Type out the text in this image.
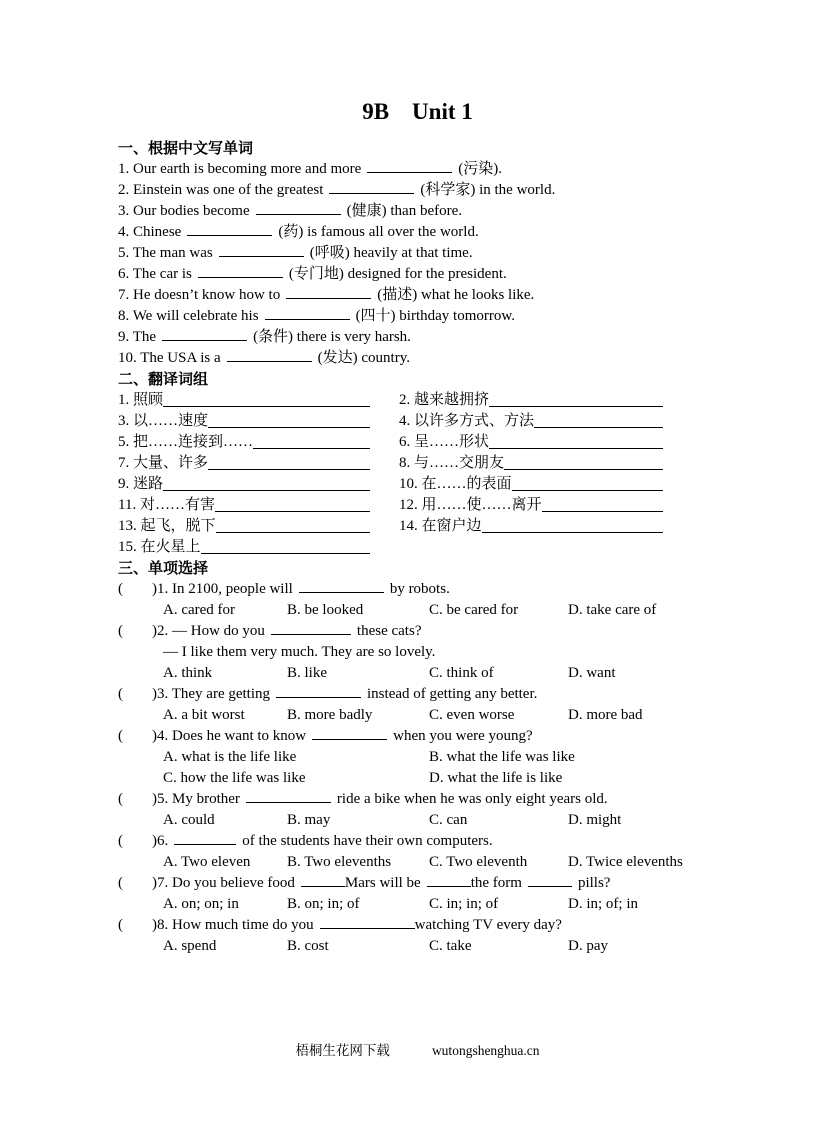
9B　Unit 1
一、根据中文写单词
1. Our earth is becoming more and more	(污染).
2. Einstein was one of the greatest	(科学家) in the world.
3. Our bodies become	(健康) than before.
4. Chinese	(药) is famous all over the world.
5. The man was	(呼吸) heavily at that time.
6. The car is	(专门地) designed for the president.
7. He doesn’t know how to	(描述) what he looks like.
8. We will celebrate his	(四十) birthday tomorrow.
9. The	(条件) there is very harsh.
10. The USA is a	(发达) country.
二、翻译词组
1. 照顾	2. 越来越拥挤
3. 以……速度	4. 以许多方式、方法
5. 把……连接到……	6. 呈……形状
7. 大量、许多	8. 与……交朋友
9. 迷路	10. 在……的表面
11. 对……有害	12. 用……使……离开
13. 起飞，脱下	14. 在窗户边
15. 在火星上
三、单项选择
(	)1. In 2100, people will	by robots.
A. cared for	B. be looked	C. be cared for	D. take care of
(	)2. — How do you	these cats?
— I like them very much. They are so lovely.
A. think	B. like	C. think of	D. want
(	)3. They are getting	instead of getting any better.
A. a bit worst	B. more badly	C. even worse	D. more bad
(	)4. Does he want to know	when you were young?
A. what is the life like	B. what the life was like
C. how the life was like	D. what the life is like
(	)5. My brother	ride a bike when he was only eight years old.
A. could	B. may	C. can	D. might
(	)6.	of the students have their own computers.
A. Two eleven	B. Two elevenths	C. Two eleventh	D. Twice elevenths
(	)7. Do you believe food	Mars will be	the form	pills?
A. on; on; in	B. on; in; of	C. in; in; of	D. in; of; in
(	)8. How much time do you	watching TV every day?
A. spend	B. cost	C. take	D. pay
梧桐生花网下载	wutongshenghua.cn
